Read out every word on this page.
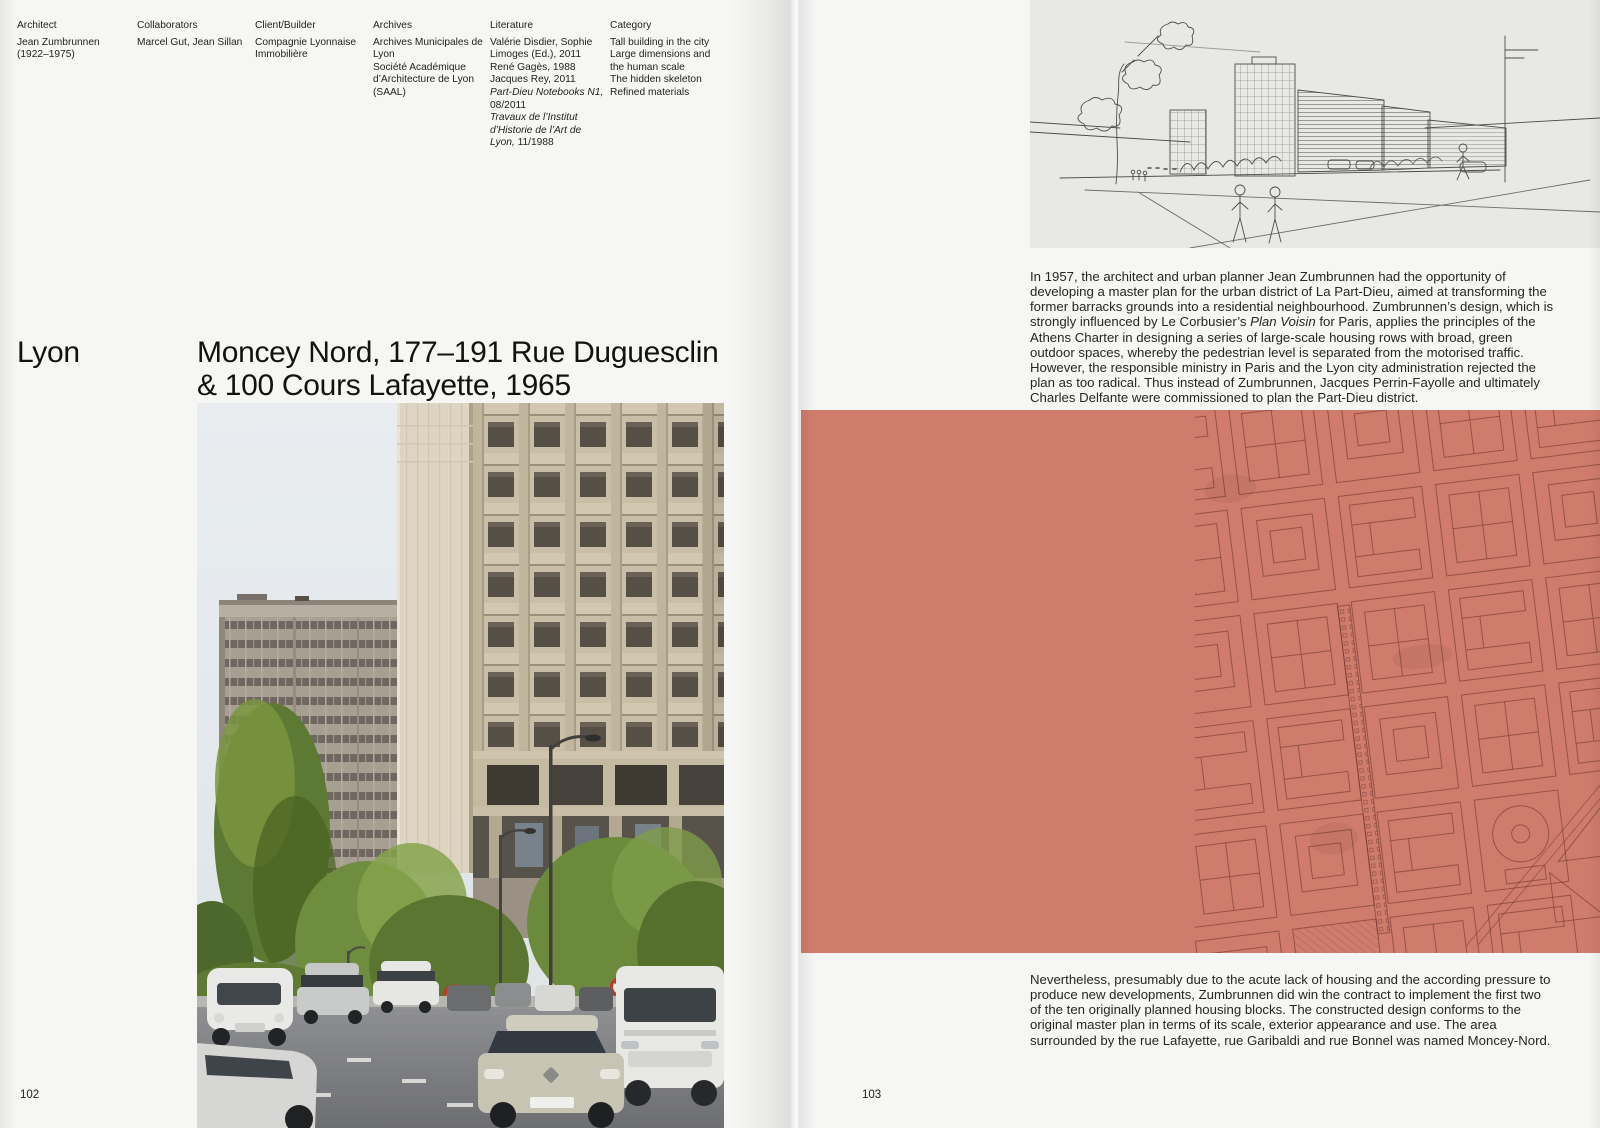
Architect
Jean Zumbrunnen (1922–1975)
Collaborators
Marcel Gut, Jean Sillan
Client/Builder
Compagnie Lyonnaise Immobilière
Archives
Archives Municipales de Lyon
Société Académique d’Architecture de Lyon (SAAL)
Literature
Valérie Disdier, Sophie Limoges (Ed.), 2011
René Gagès, 1988
Jacques Rey, 2011
Part-Dieu Notebooks N1, 08/2011
Travaux de l’Institut d’Historie de l’Art de Lyon, 11/1988
Category
Tall building in the city
Large dimensions and the human scale
The hidden skeleton
Refined materials
Lyon	Moncey Nord, 177–191 Rue Duguesclin
& 100 Cours Lafayette, 1965
102

In 1957, the architect and urban planner Jean Zumbrunnen had the opportunity of developing a master plan for the urban district of La Part-Dieu, aimed at transforming the former barracks grounds into a residential neighbourhood. Zumbrunnen’s design, which is strongly influenced by Le Corbusier’s Plan Voisin for Paris, applies the principles of the Athens Charter in designing a series of large-scale housing rows with broad, green outdoor spaces, whereby the pedestrian level is separated from the motorised traffic. However, the responsible ministry in Paris and the Lyon city administration rejected the plan as too radical. Thus instead of Zumbrunnen, Jacques Perrin-Fayolle and ultimately Charles Delfante were commissioned to plan the Part-Dieu district.

Nevertheless, presumably due to the acute lack of housing and the according pressure to produce new developments, Zumbrunnen did win the contract to implement the first two of the ten originally planned housing blocks. The constructed design conforms to the original master plan in terms of its scale, exterior appearance and use. The area surrounded by the rue Lafayette, rue Garibaldi and rue Bonnel was named Moncey-Nord.

103
